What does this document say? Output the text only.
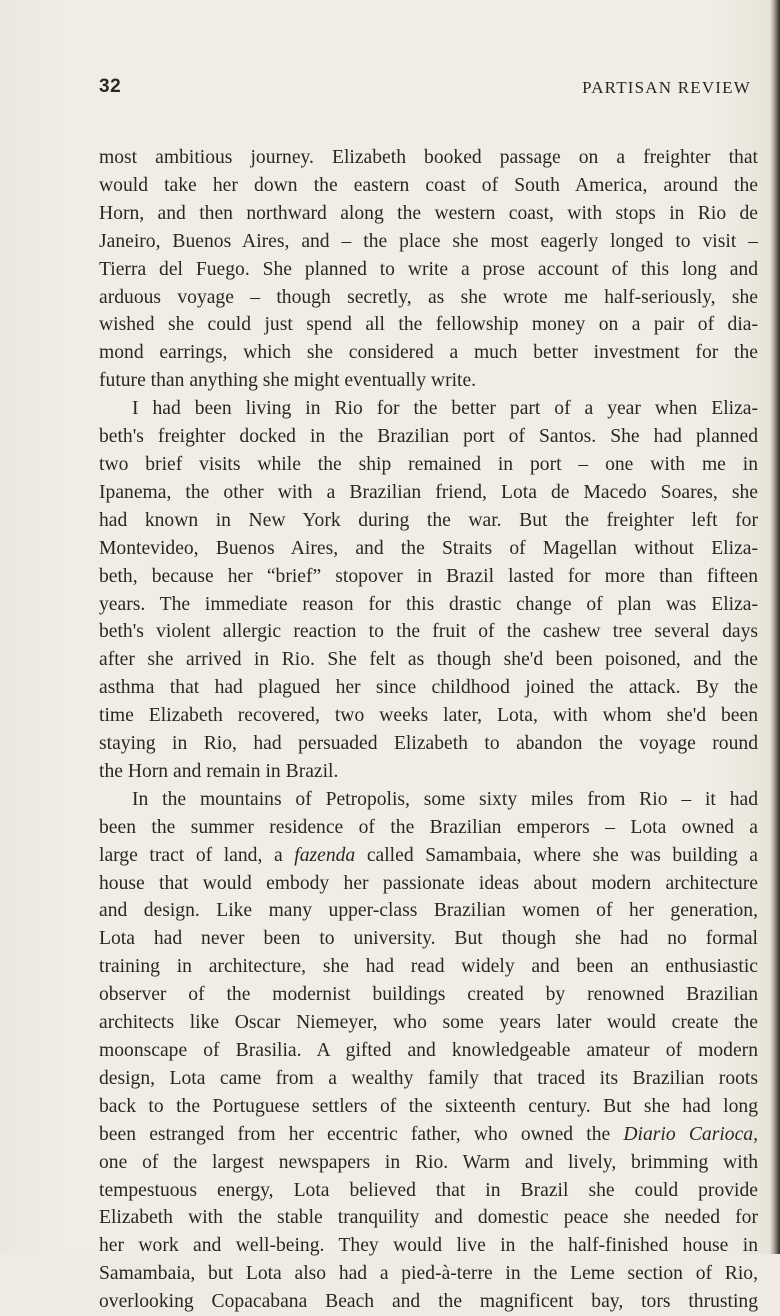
32	PARTISAN REVIEW

most ambitious journey. Elizabeth booked passage on a freighter that

would take her down the eastern coast of South America, around the

Horn, and then northward along the western coast, with stops in Rio de

Janeiro, Buenos Aires, and – the place she most eagerly longed to visit –

Tierra del Fuego. She planned to write a prose account of this long and

arduous voyage – though secretly, as she wrote me half-seriously, she

wished she could just spend all the fellowship money on a pair of dia-

mond earrings, which she considered a much better investment for the

future than anything she might eventually write.

I had been living in Rio for the better part of a year when Eliza-

beth's freighter docked in the Brazilian port of Santos. She had planned

two brief visits while the ship remained in port – one with me in

Ipanema, the other with a Brazilian friend, Lota de Macedo Soares, she

had known in New York during the war. But the freighter left for

Montevideo, Buenos Aires, and the Straits of Magellan without Eliza-

beth, because her “brief” stopover in Brazil lasted for more than fifteen

years. The immediate reason for this drastic change of plan was Eliza-

beth's violent allergic reaction to the fruit of the cashew tree several days

after she arrived in Rio. She felt as though she'd been poisoned, and the

asthma that had plagued her since childhood joined the attack. By the

time Elizabeth recovered, two weeks later, Lota, with whom she'd been

staying in Rio, had persuaded Elizabeth to abandon the voyage round

the Horn and remain in Brazil.

In the mountains of Petropolis, some sixty miles from Rio – it had

been the summer residence of the Brazilian emperors – Lota owned a

large tract of land, a fazenda called Samambaia, where she was building a

house that would embody her passionate ideas about modern architecture

and design. Like many upper-class Brazilian women of her generation,

Lota had never been to university. But though she had no formal

training in architecture, she had read widely and been an enthusiastic

observer of the modernist buildings created by renowned Brazilian

architects like Oscar Niemeyer, who some years later would create the

moonscape of Brasilia. A gifted and knowledgeable amateur of modern

design, Lota came from a wealthy family that traced its Brazilian roots

back to the Portuguese settlers of the sixteenth century. But she had long

been estranged from her eccentric father, who owned the Diario Carioca,

one of the largest newspapers in Rio. Warm and lively, brimming with

tempestuous energy, Lota believed that in Brazil she could provide

Elizabeth with the stable tranquility and domestic peace she needed for

her work and well-being. They would live in the half-finished house in

Samambaia, but Lota also had a pied-à-terre in the Leme section of Rio,

overlooking Copacabana Beach and the magnificent bay, tors thrusting
